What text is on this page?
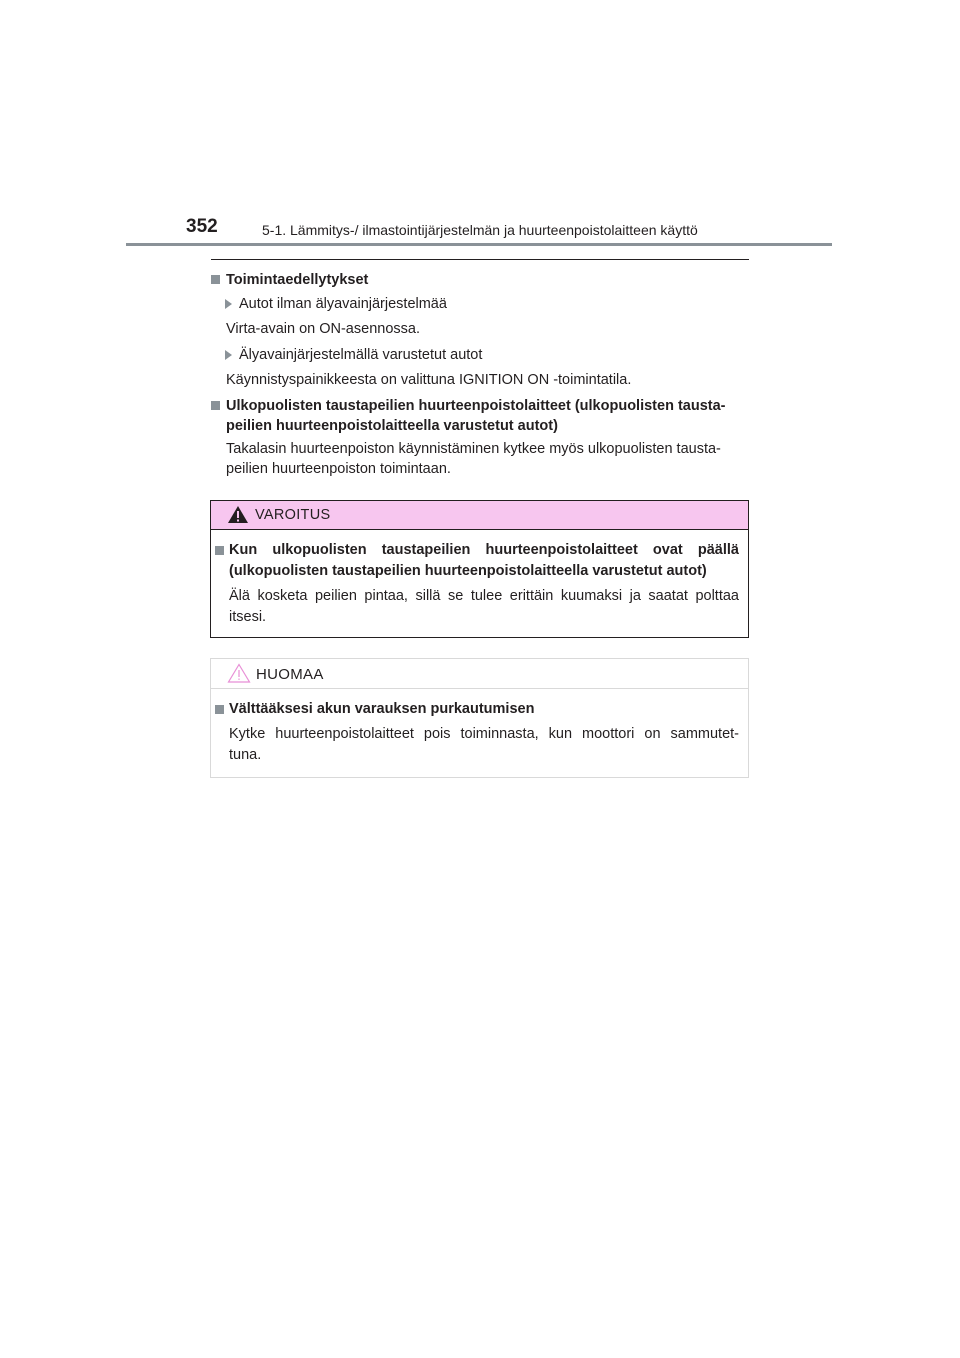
352	5-1. Lämmitys-/ ilmastointijärjestelmän ja huurteenpoistolaitteen käyttö
Toimintaedellytykset
Autot ilman älyavainjärjestelmää
Virta-avain on ON-asennossa.
Älyavainjärjestelmällä varustetut autot
Käynnistyspainikkeesta on valittuna IGNITION ON -toimintatila.
Ulkopuolisten taustapeilien huurteenpoistolaitteet (ulkopuolisten tausta-
peilien huurteenpoistolaitteella varustetut autot)
Takalasin huurteenpoiston käynnistäminen kytkee myös ulkopuolisten tausta-
peilien huurteenpoiston toimintaan.
VAROITUS
Kun ulkopuolisten taustapeilien huurteenpoistolaitteet ovat päällä
(ulkopuolisten taustapeilien huurteenpoistolaitteella varustetut autot)
Älä kosketa peilien pintaa, sillä se tulee erittäin kuumaksi ja saatat polttaa
itsesi.
HUOMAA
Välttääksesi akun varauksen purkautumisen
Kytke huurteenpoistolaitteet pois toiminnasta, kun moottori on sammutet-
tuna.
